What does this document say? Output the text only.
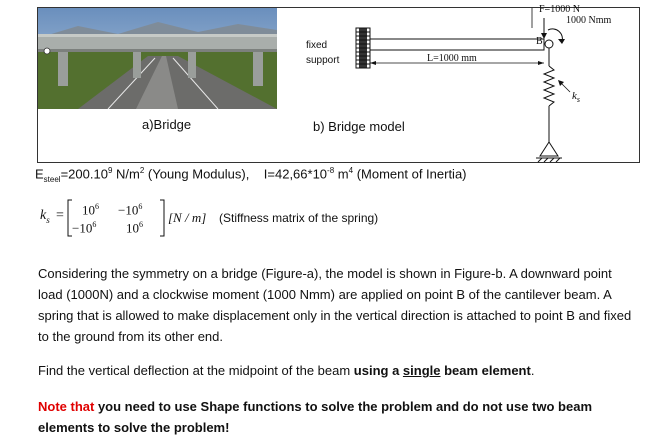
a)Bridge
fixed
support
F=1000 N
1000 Nmm
B
L=1000 mm
$k_s$
b) Bridge model
$E_{steel}=200.10^9$ $N/m^2$ (Young Modulus), $I=42,66*10^{-8}$ $m^4$ (Moment of Inertia)
$k_s = 10^6 -10^6$
$-10^6$ $10^6$ [N / m] (Stiffness matrix of the spring)
Considering the symmetry on a bridge (Figure-a), the model is shown in Figure-b. A downward point load (1000N) and a clockwise moment (1000 Nmm) are applied on point B of the cantilever beam. A spring that is allowed to make displacement only in the vertical direction is attached to point B and fixed to the ground from its other end.
Find the vertical deflection at the midpoint of the beam using a single beam element.
Note that you need to use Shape functions to solve the problem and do not use two beam elements to solve the problem!
